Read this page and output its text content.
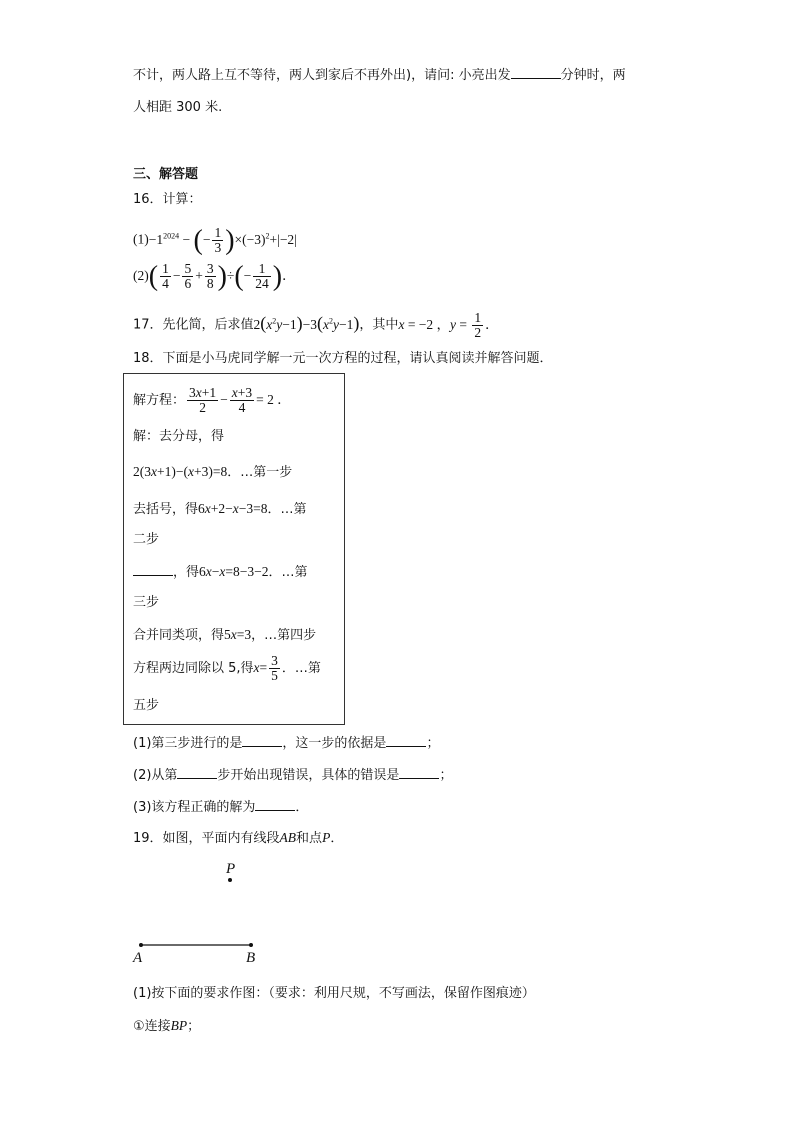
不计，两人路上互不等待，两人到家后不再外出)，请问: 小亮出发	分钟时，两
人相距 300 米.
三、解答题
16．计算：
$(1)-1^{2024}$ − (− $\frac{1}{3} )\times(-3)^2+|-2|$
$(2)( \frac{1}{4} - \frac{5}{6} + \frac{3}{8}$ )÷(− $\frac{1}{24}$ )．
17．先化简，后求值$2(x^2y-1)-3(x^2y-1)$，其中x = −2 ，$y = \frac{1}{2}$ ．
18．下面是小马虎同学解一元一次方程的过程，请认真阅读并解答问题．
解方程： $\frac{3x+1}{2} - \frac{x+3}{4} = 2$ ．
解：去分母，得
2(3x+1)−(x+3)=8．…第一步
去括号，得6x+2−x−3=8．…第
二步
，得6x−x=8−3−2．…第
三步
合并同类项，得5x=3，…第四步
方程两边同除以 5,得$x= \frac{3}{5}$ ．…第
五步
(1)第三步进行的是	，这一步的依据是	；
(2)从第	步开始出现错误，具体的错误是	；
(3)该方程正确的解为	．
19．如图，平面内有线段AB和点P．
P
A	B
(1)按下面的要求作图：（要求：利用尺规，不写画法，保留作图痕迹）
①连接BP；
